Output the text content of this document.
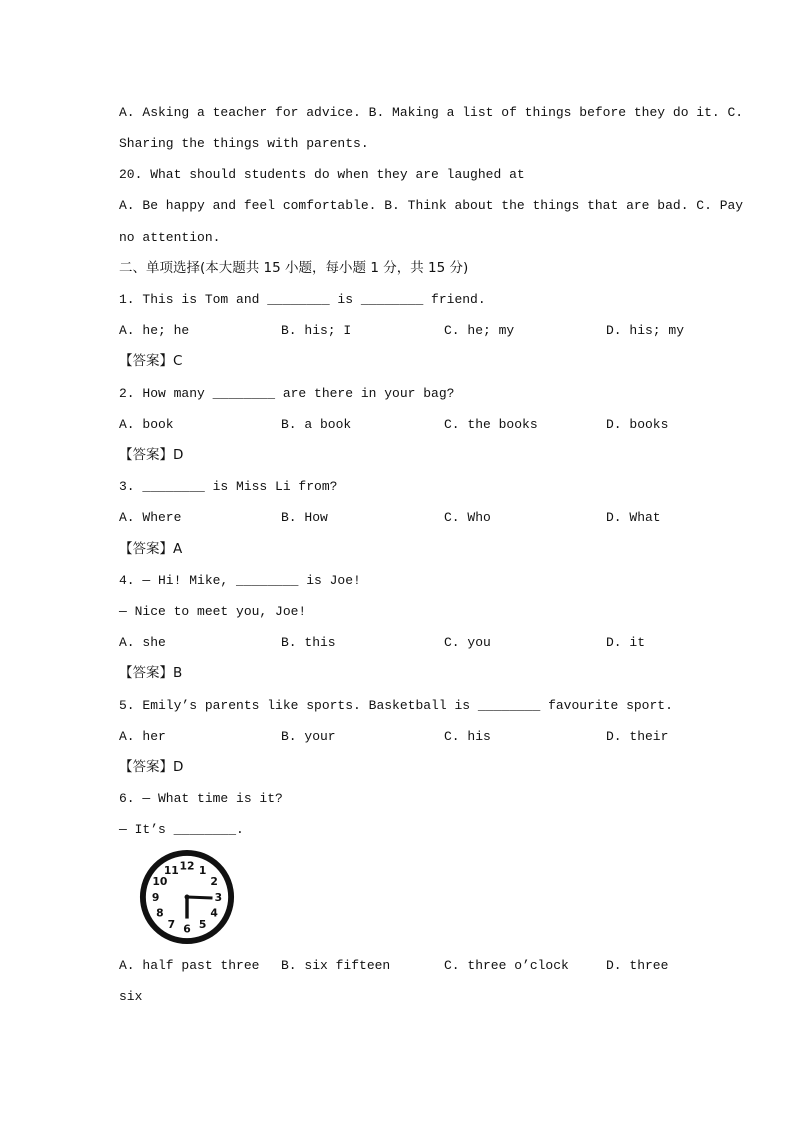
A. Asking a teacher for advice. B. Making a list of things before they do it. C.
Sharing the things with parents.
20. What should students do when they are laughed at
A. Be happy and feel comfortable. B. Think about the things that are bad. C. Pay
no attention.
二、单项选择(本大题共 15 小题，每小题 1 分，共 15 分)
1. This is Tom and ________ is ________ friend.
A. he; he	B. his; I	C. he; my	D. his; my
【答案】C
2. How many ________ are there in your bag?
A. book	B. a book	C. the books	D. books
【答案】D
3. ________ is Miss Li from?
A. Where	B. How	C. Who	D. What
【答案】A
4. — Hi! Mike, ________ is Joe!
— Nice to meet you, Joe!
A. she	B. this	C. you	D. it
【答案】B
5. Emily’s parents like sports. Basketball is ________ favourite sport.
A. her	B. your	C. his	D. their
【答案】D
6. — What time is it?
— It’s ________.
12 1
2
3
4
5
6
7
8
9
10
11
A. half past three B. six fifteen	C. three o’clock	D. three
six
